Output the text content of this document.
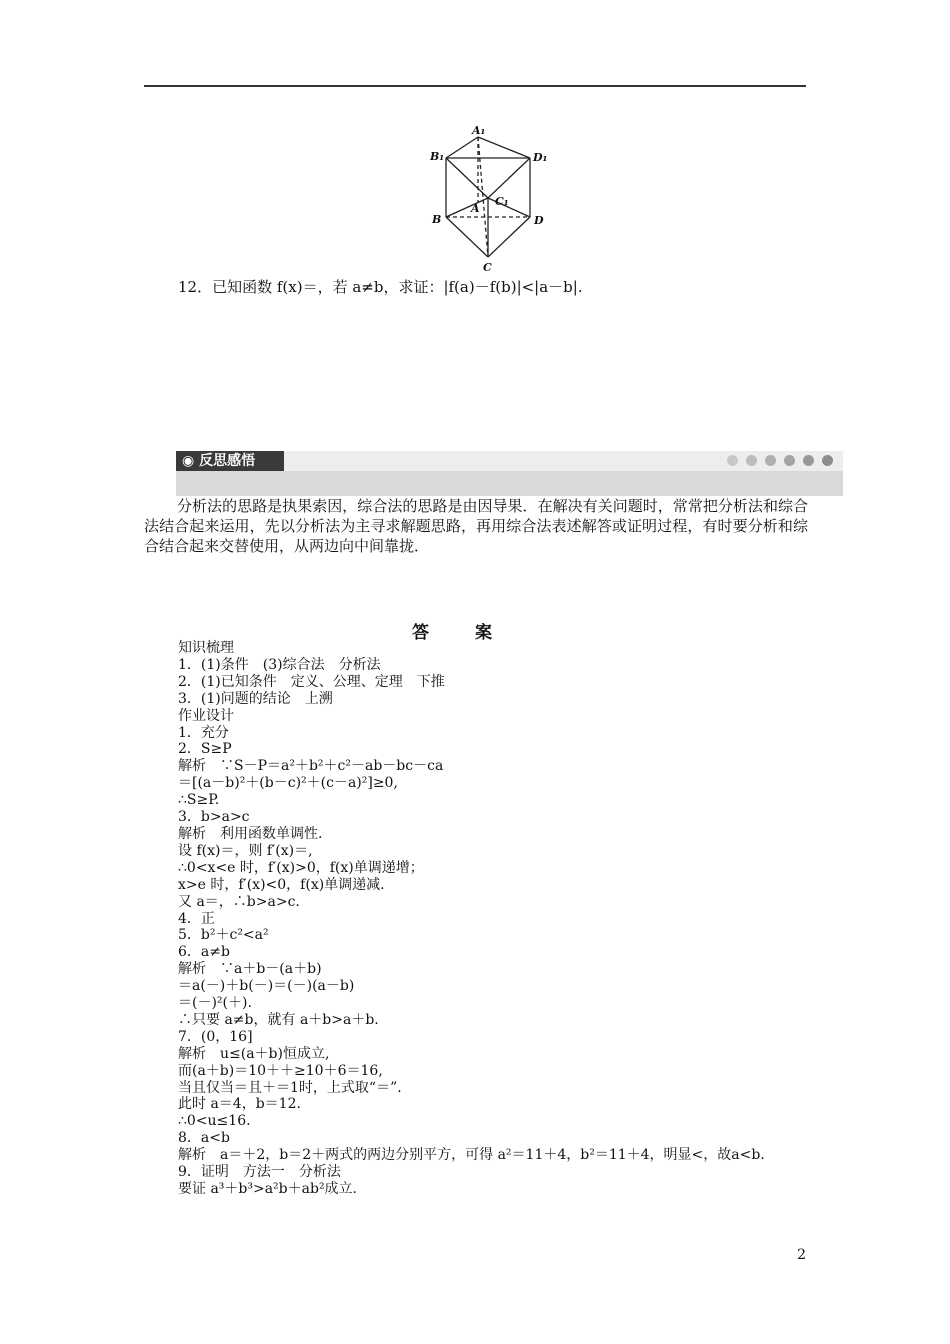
A₁
B₁	D₁
C₁
A
B	D
C
12．已知函数 f(x)＝，若 a≠b，求证：|f(a)－f(b)|<|a－b|.
◉ 反思感悟
分析法的思路是执果索因，综合法的思路是由因导果．在解决有关问题时，常常把分析法和综合法结合起来运用，先以分析法为主寻求解题思路，再用综合法表述解答或证明过程，有时要分析和综合结合起来交替使用，从两边向中间靠拢．
答案
知识梳理
1．(1)条件　(3)综合法　分析法
2．(1)已知条件　定义、公理、定理　下推
3．(1)问题的结论　上溯
作业设计
1．充分
2．S≥P
解析　∵S－P＝a²＋b²＋c²－ab－bc－ca
＝[(a－b)²＋(b－c)²＋(c－a)²]≥0,
∴S≥P.
3．b>a>c
解析　利用函数单调性.
设 f(x)＝，则 f′(x)＝,
∴0<x<e 时，f′(x)>0，f(x)单调递增；
x>e 时，f′(x)<0，f(x)单调递减.
又 a＝，∴b>a>c.
4．正
5．b²＋c²<a²
6．a≠b
解析　∵a＋b－(a＋b)
＝a(－)＋b(－)＝(－)(a－b)
＝(－)²(＋).
∴只要 a≠b，就有 a＋b>a＋b.
7．(0，16]
解析　u≤(a＋b)恒成立,
而(a＋b)＝10＋＋≥10＋6＝16,
当且仅当＝且＋＝1时，上式取“＝”.
此时 a＝4，b＝12.
∴0<u≤16.
8．a<b
解析　a＝＋2，b＝2＋两式的两边分别平方，可得 a²＝11＋4，b²＝11＋4，明显<，故a<b.
9．证明　方法一　分析法
要证 a³＋b³>a²b＋ab²成立.
2
